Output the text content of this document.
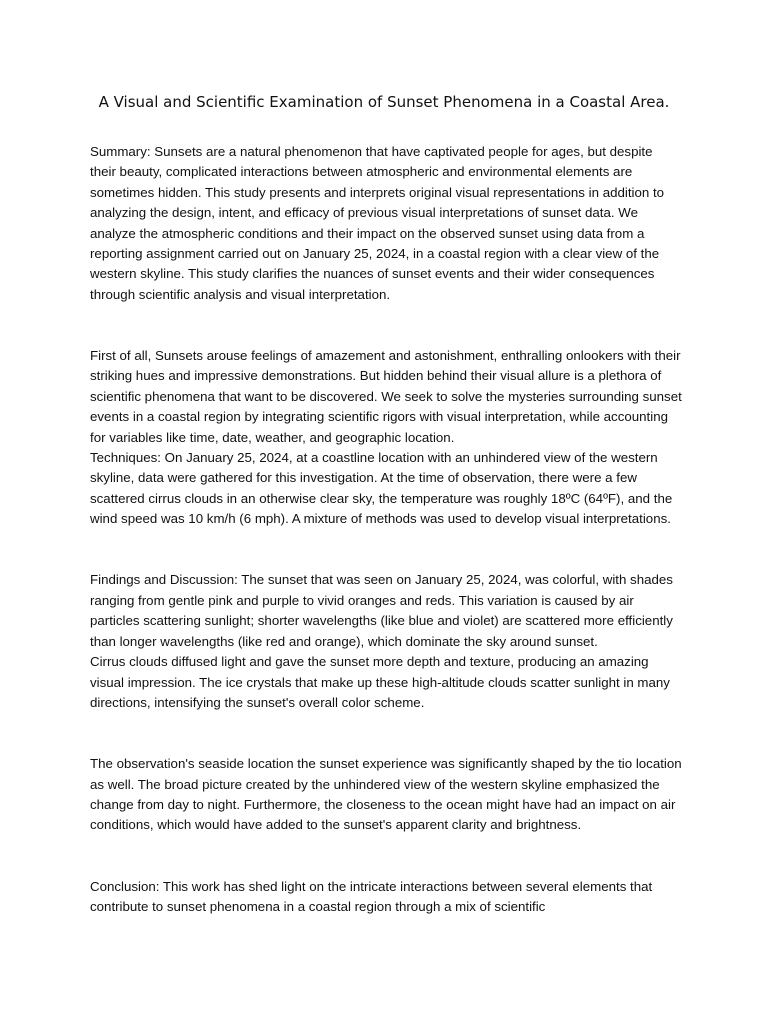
A Visual and Scientific Examination of Sunset Phenomena in a Coastal Area.

Summary: Sunsets are a natural phenomenon that have captivated people for ages, but despite their beauty, complicated interactions between atmospheric and environmental elements are sometimes hidden. This study presents and interprets original visual representations in addition to analyzing the design, intent, and efficacy of previous visual interpretations of sunset data. We analyze the atmospheric conditions and their impact on the observed sunset using data from a reporting assignment carried out on January 25, 2024, in a coastal region with a clear view of the western skyline. This study clarifies the nuances of sunset events and their wider consequences through scientific analysis and visual interpretation.

First of all, Sunsets arouse feelings of amazement and astonishment, enthralling onlookers with their striking hues and impressive demonstrations. But hidden behind their visual allure is a plethora of scientific phenomena that want to be discovered. We seek to solve the mysteries surrounding sunset events in a coastal region by integrating scientific rigors with visual interpretation, while accounting for variables like time, date, weather, and geographic location.

Techniques: On January 25, 2024, at a coastline location with an unhindered view of the western skyline, data were gathered for this investigation. At the time of observation, there were a few scattered cirrus clouds in an otherwise clear sky, the temperature was roughly 18ºC (64ºF), and the wind speed was 10 km/h (6 mph). A mixture of methods was used to develop visual interpretations.

Findings and Discussion: The sunset that was seen on January 25, 2024, was colorful, with shades ranging from gentle pink and purple to vivid oranges and reds. This variation is caused by air particles scattering sunlight; shorter wavelengths (like blue and violet) are scattered more efficiently than longer wavelengths (like red and orange), which dominate the sky around sunset.

Cirrus clouds diffused light and gave the sunset more depth and texture, producing an amazing visual impression. The ice crystals that make up these high-altitude clouds scatter sunlight in many directions, intensifying the sunset's overall color scheme.

The observation's seaside location the sunset experience was significantly shaped by the tio location as well. The broad picture created by the unhindered view of the western skyline emphasized the change from day to night. Furthermore, the closeness to the ocean might have had an impact on air conditions, which would have added to the sunset's apparent clarity and brightness.

Conclusion: This work has shed light on the intricate interactions between several elements that contribute to sunset phenomena in a coastal region through a mix of scientific
